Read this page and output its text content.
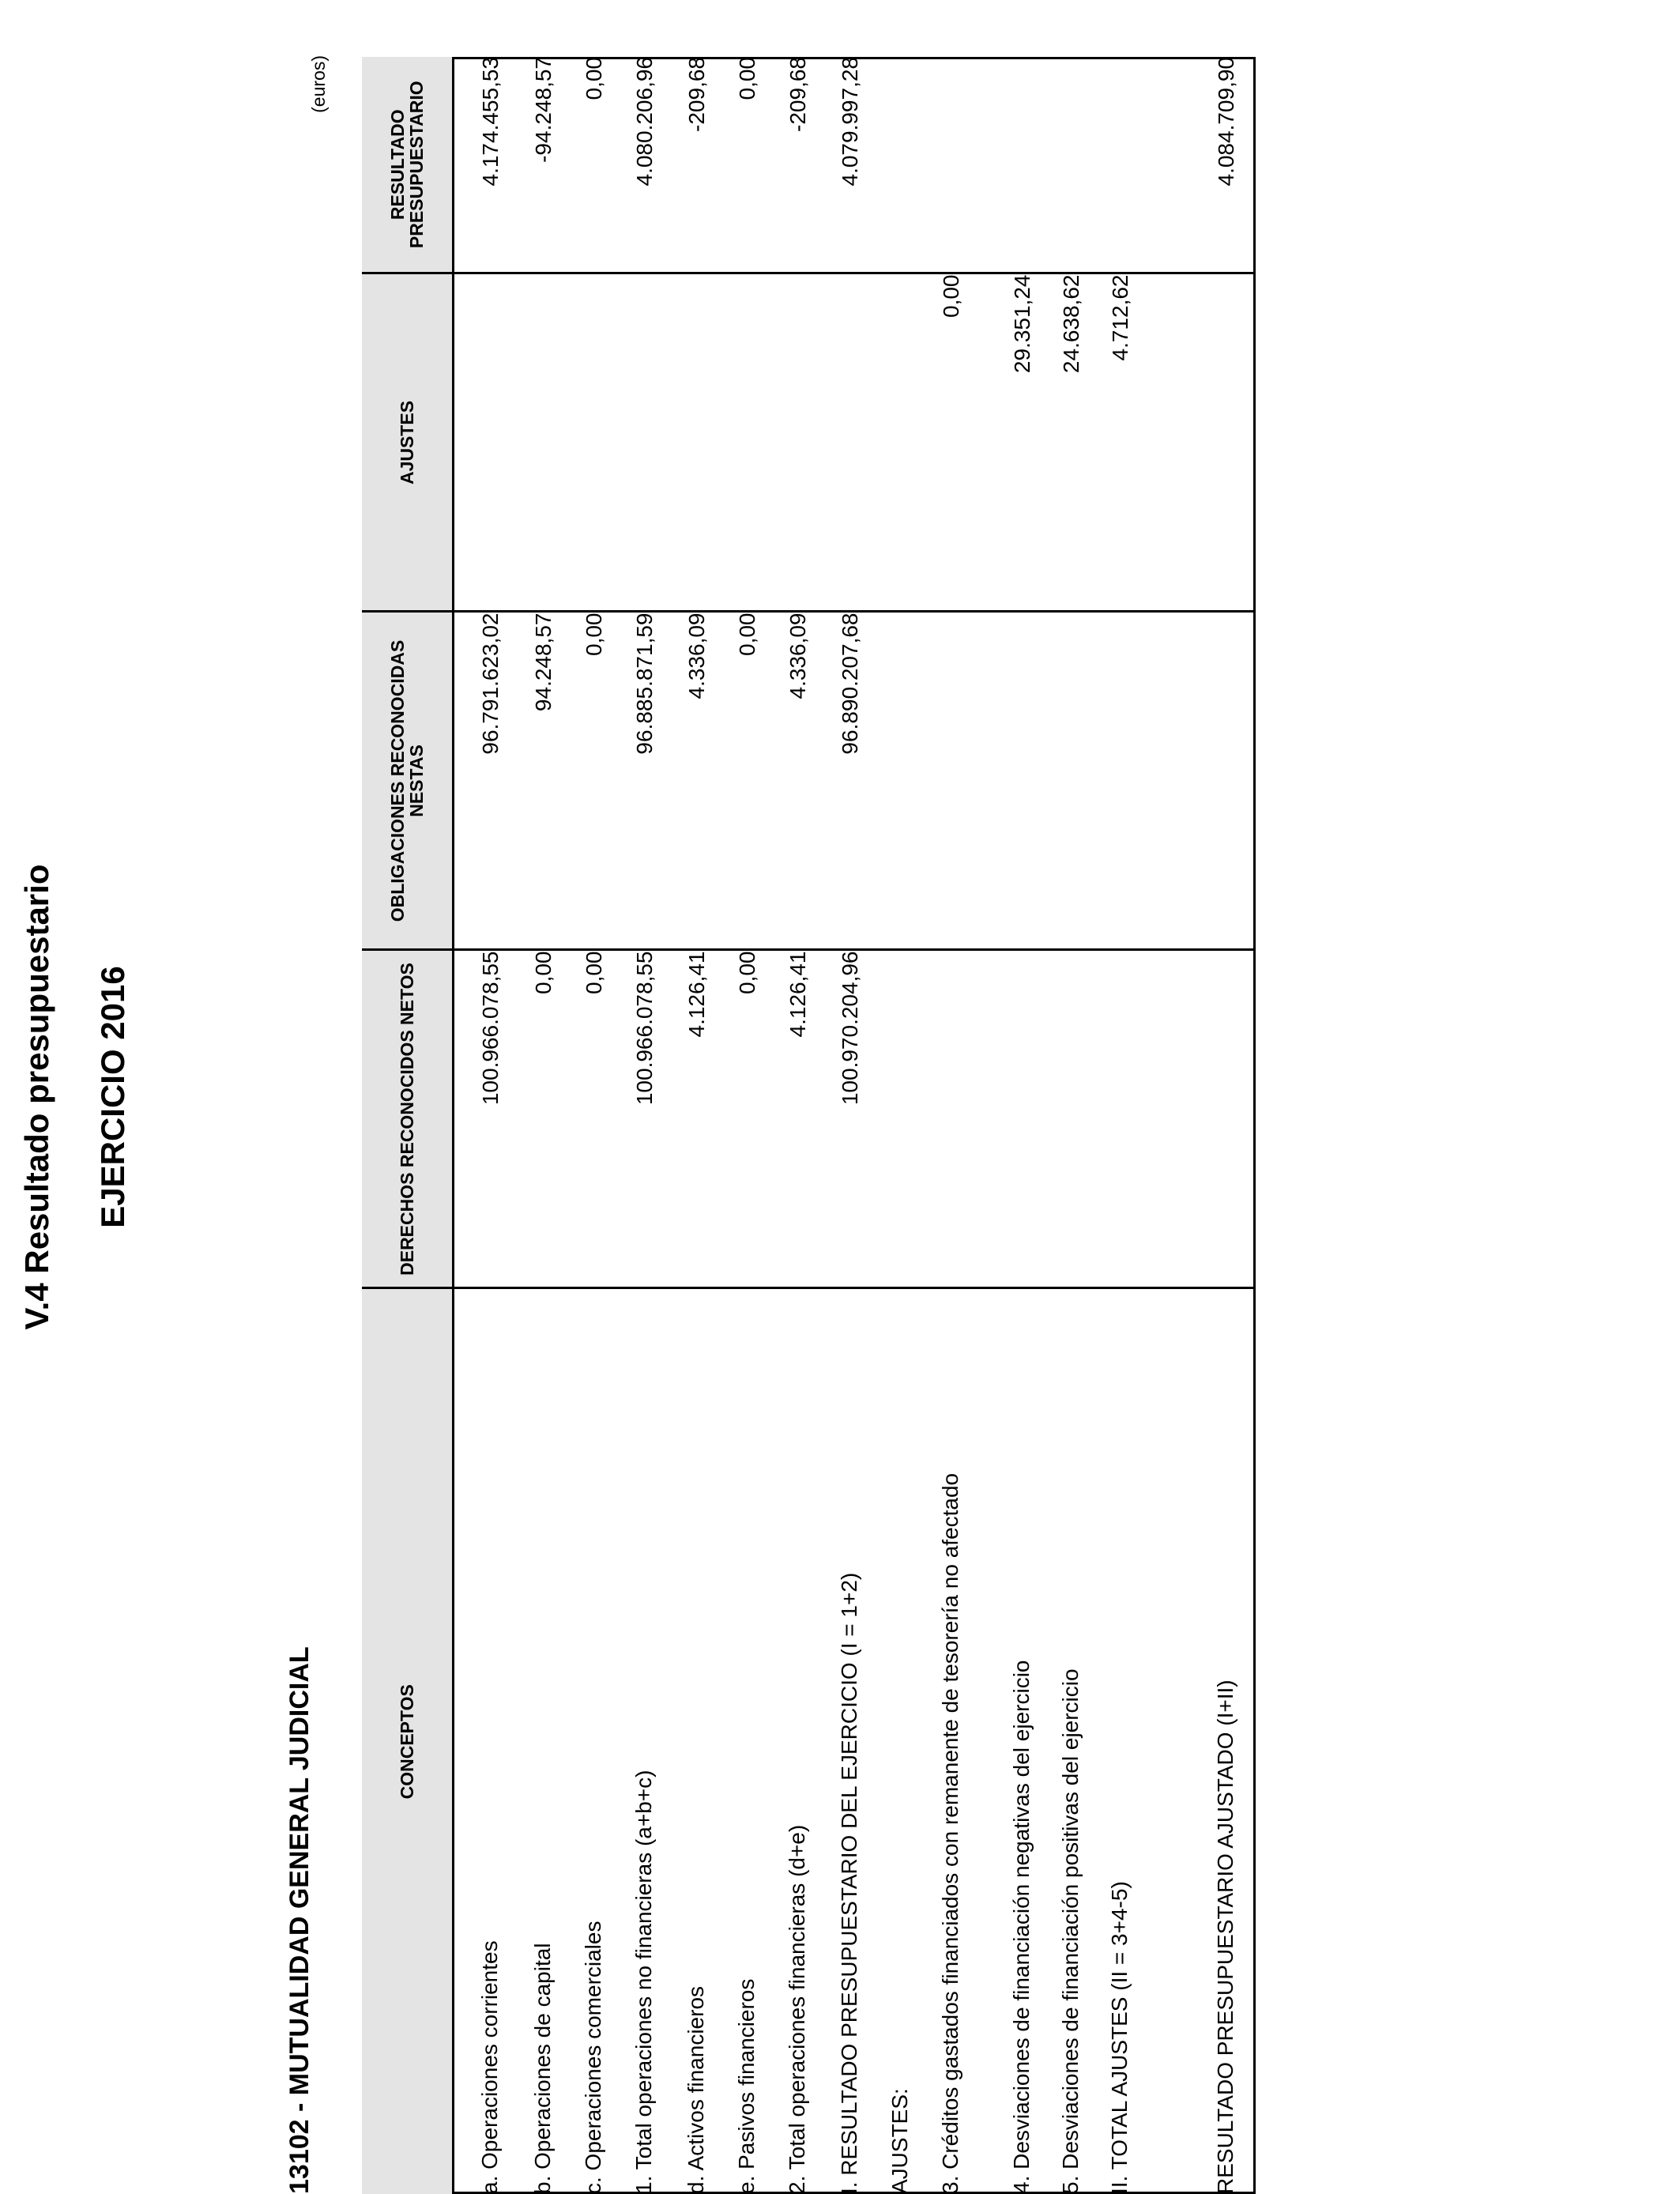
V.4 Resultado presupuestario EJERCICIO 2016
13102 - MUTUALIDAD GENERAL JUDICIAL
(euros)
CONCEPTOS	DERECHOS RECONOCIDOS NETOS	OBLIGACIONES RECONOCIDAS NESTAS	AJUSTES	RESULTADO PRESUPUESTARIO
a. Operaciones corrientes	100.966.078,55	96.791.623,02		4.174.455,53
b. Operaciones de capital	0,00	94.248,57		-94.248,57
c. Operaciones comerciales	0,00	0,00		0,00
1. Total operaciones no financieras (a+b+c)	100.966.078,55	96.885.871,59		4.080.206,96
d. Activos financieros	4.126,41	4.336,09		-209,68
e. Pasivos financieros	0,00	0,00		0,00
2. Total operaciones financieras (d+e)	4.126,41	4.336,09		-209,68
I. RESULTADO PRESUPUESTARIO DEL EJERCICIO (I = 1+2)	100.970.204,96	96.890.207,68		4.079.997,28
AJUSTES:				
3. Créditos gastados financiados con remanente de tesorería no afectado			0,00	
4. Desviaciones de financiación negativas del ejercicio			29.351,24	
5. Desviaciones de financiación positivas del ejercicio			24.638,62	
II. TOTAL AJUSTES (II = 3+4-5)			4.712,62	

RESULTADO PRESUPUESTARIO AJUSTADO (I+II)				4.084.709,90
